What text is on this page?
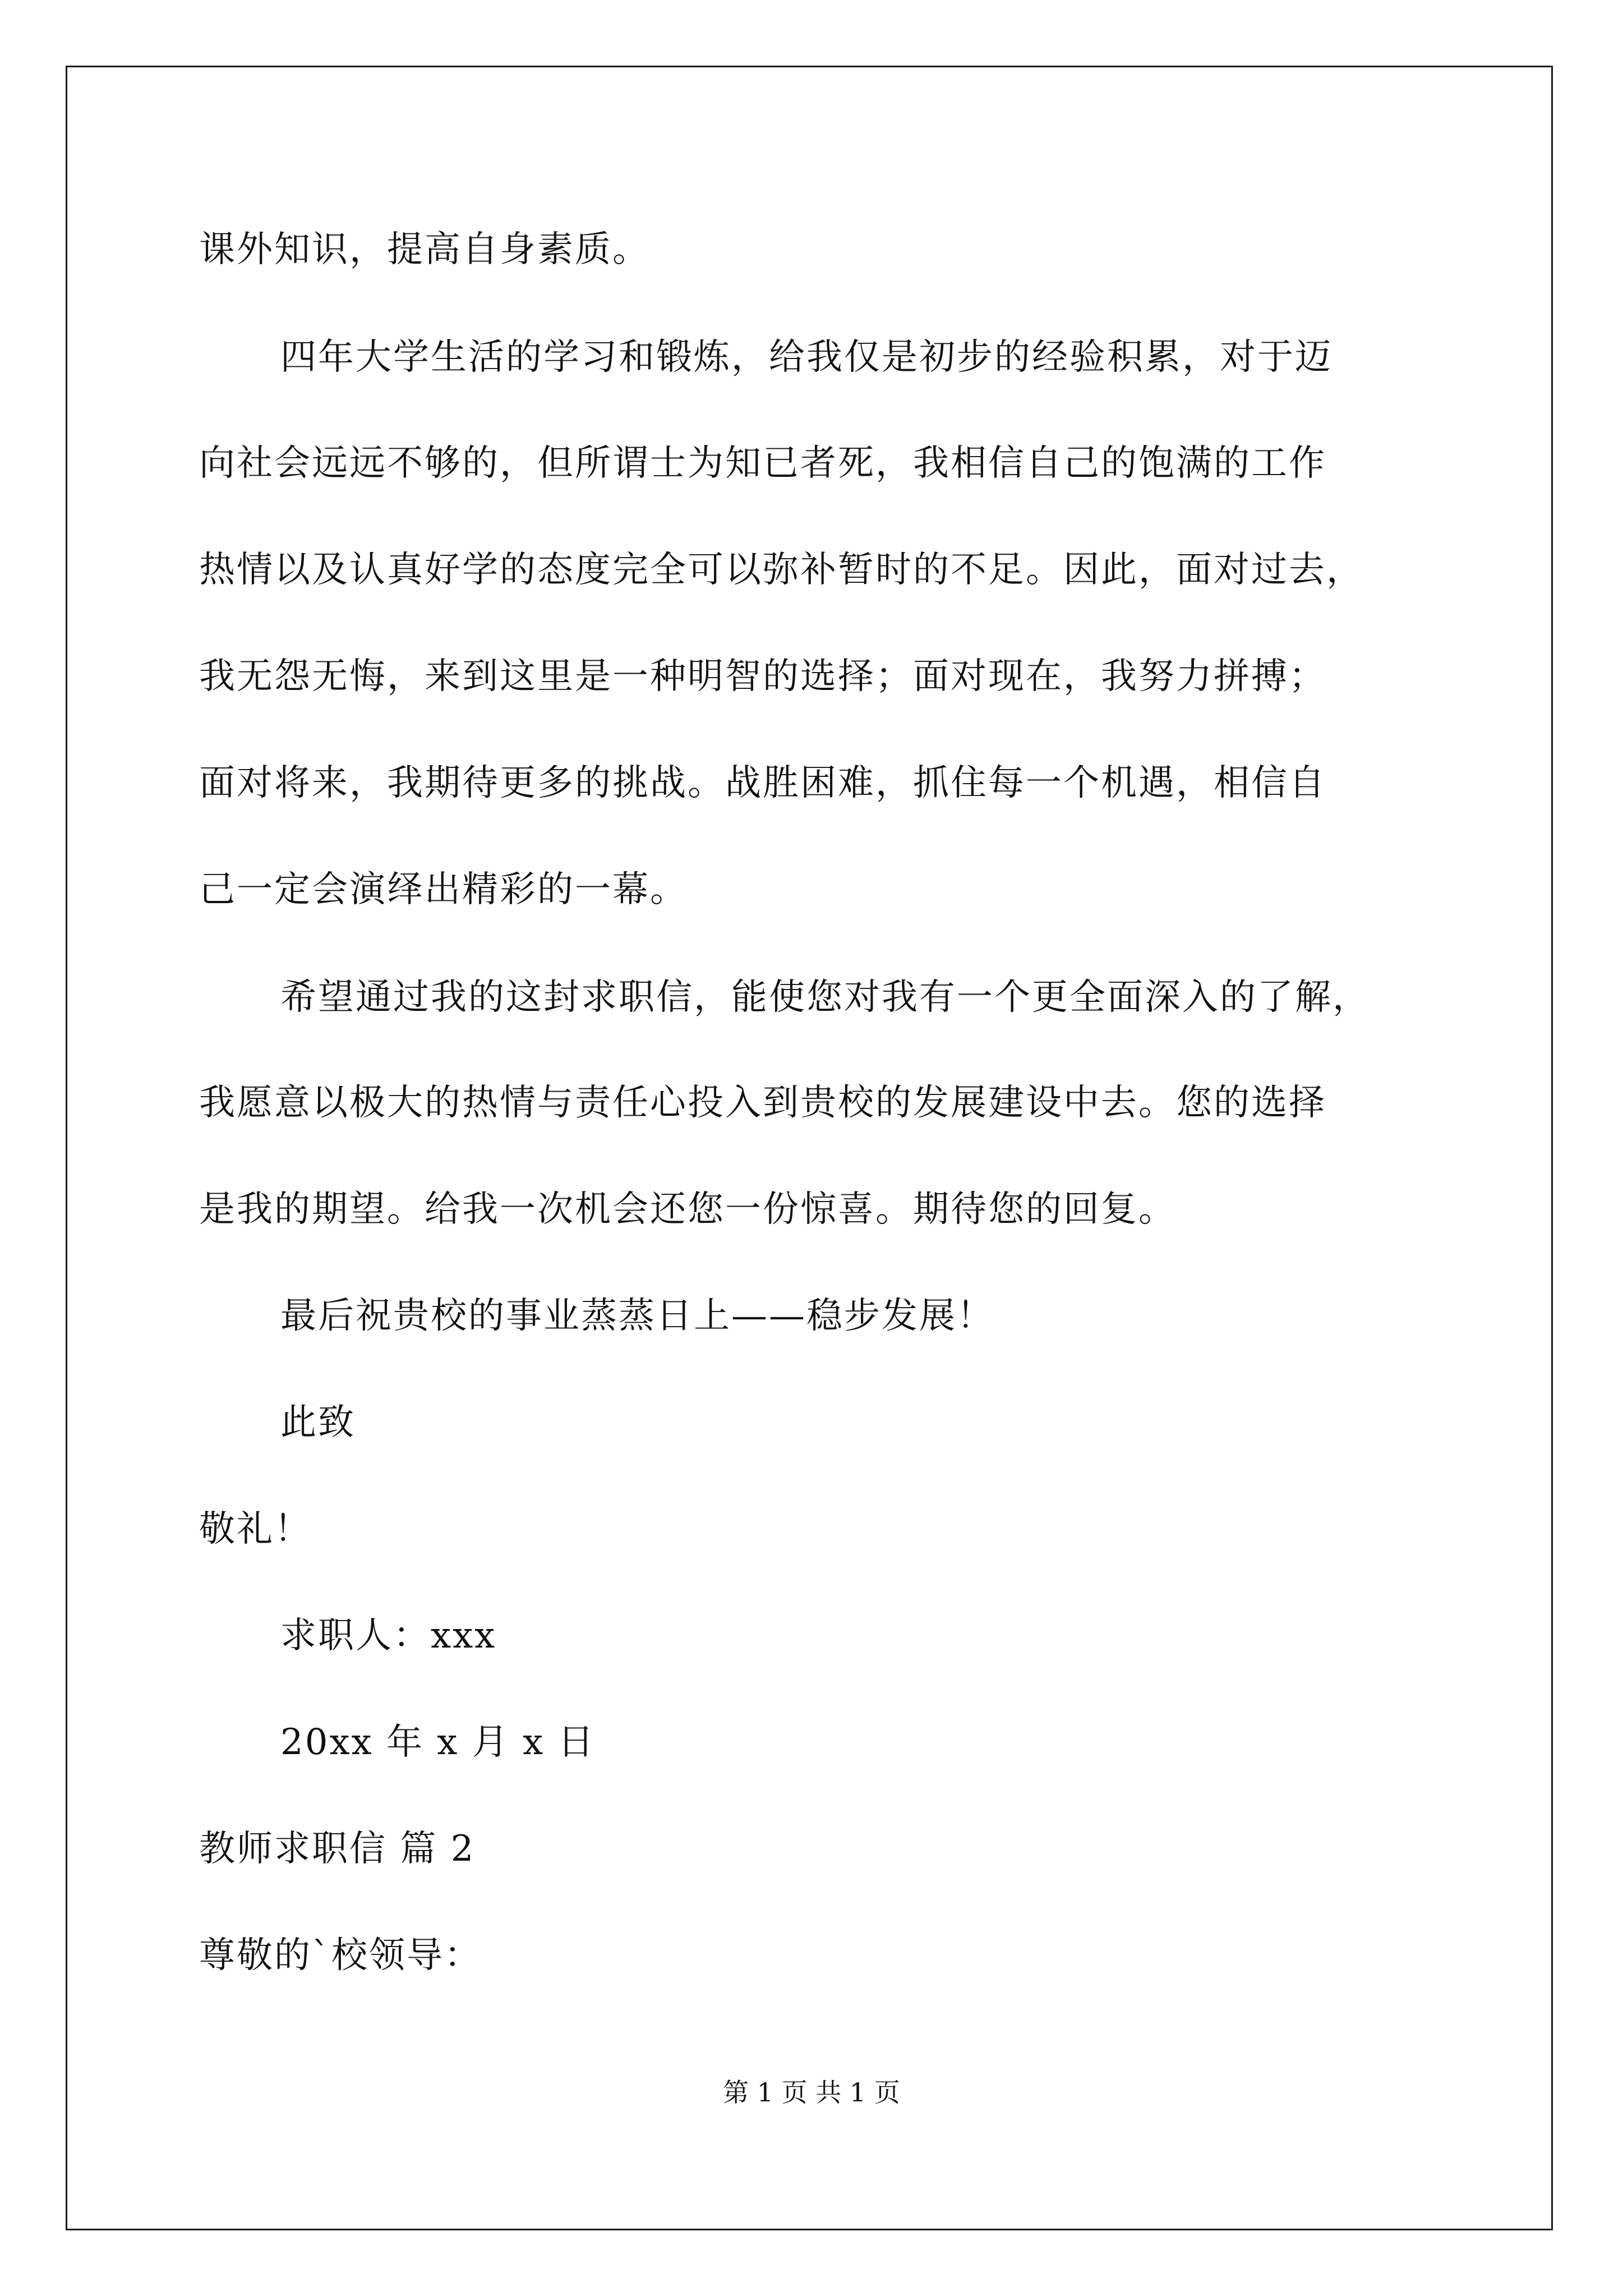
课外知识，提高自身素质。
四年大学生活的学习和锻炼，给我仅是初步的经验积累，对于迈
向社会远远不够的，但所谓士为知已者死，我相信自己的饱满的工作
热情以及认真好学的态度完全可以弥补暂时的不足。因此，面对过去，
我无怨无悔，来到这里是一种明智的选择；面对现在，我努力拼搏；
面对将来，我期待更多的挑战。战胜困难，抓住每一个机遇，相信自
己一定会演绎出精彩的一幕。
希望通过我的这封求职信，能使您对我有一个更全面深入的了解，
我愿意以极大的热情与责任心投入到贵校的发展建设中去。您的选择
是我的期望。给我一次机会还您一份惊喜。期待您的回复。
最后祝贵校的事业蒸蒸日上——稳步发展！
此致
敬礼！
求职人：xxx
20xx 年 x 月 x 日
教师求职信 篇 2
尊敬的`校领导：
第 1 页 共 1 页
